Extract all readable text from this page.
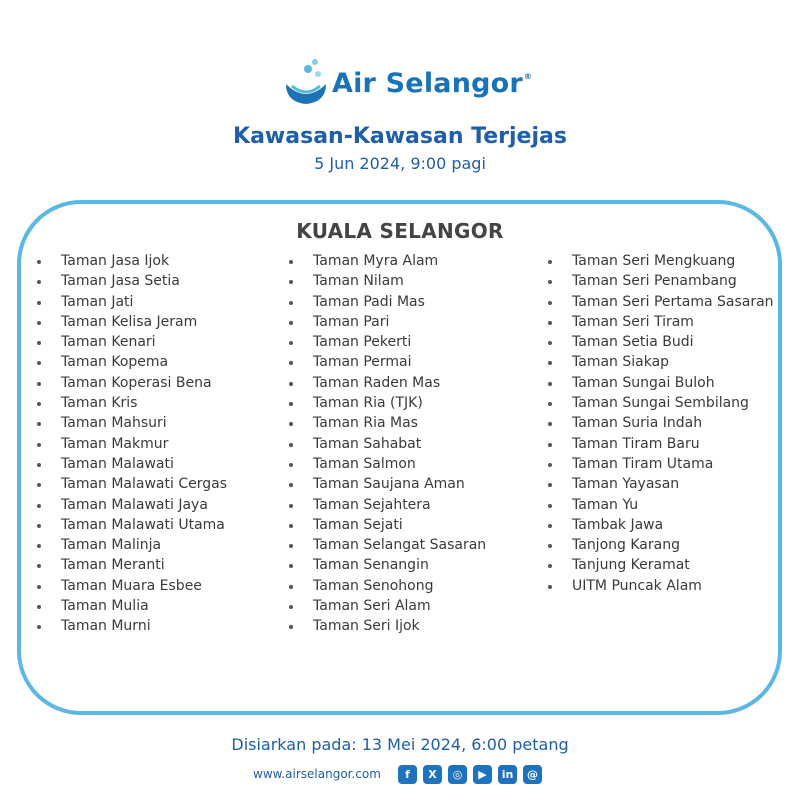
Air Selangor®
Kawasan-Kawasan Terjejas
5 Jun 2024, 9:00 pagi
KUALA SELANGOR
Taman Jasa Ijok
Taman Jasa Setia
Taman Jati
Taman Kelisa Jeram
Taman Kenari
Taman Kopema
Taman Koperasi Bena
Taman Kris
Taman Mahsuri
Taman Makmur
Taman Malawati
Taman Malawati Cergas
Taman Malawati Jaya
Taman Malawati Utama
Taman Malinja
Taman Meranti
Taman Muara Esbee
Taman Mulia
Taman Murni
Taman Myra Alam
Taman Nilam
Taman Padi Mas
Taman Pari
Taman Pekerti
Taman Permai
Taman Raden Mas
Taman Ria (TJK)
Taman Ria Mas
Taman Sahabat
Taman Salmon
Taman Saujana Aman
Taman Sejahtera
Taman Sejati
Taman Selangat Sasaran
Taman Senangin
Taman Senohong
Taman Seri Alam
Taman Seri Ijok
Taman Seri Mengkuang
Taman Seri Penambang
Taman Seri Pertama Sasaran
Taman Seri Tiram
Taman Setia Budi
Taman Siakap
Taman Sungai Buloh
Taman Sungai Sembilang
Taman Suria Indah
Taman Tiram Baru
Taman Tiram Utama
Taman Yayasan
Taman Yu
Tambak Jawa
Tanjong Karang
Tanjung Keramat
UITM Puncak Alam
Disiarkan pada: 13 Mei 2024, 6:00 petang
www.airselangor.com	f	X	◎	▶	in	@
